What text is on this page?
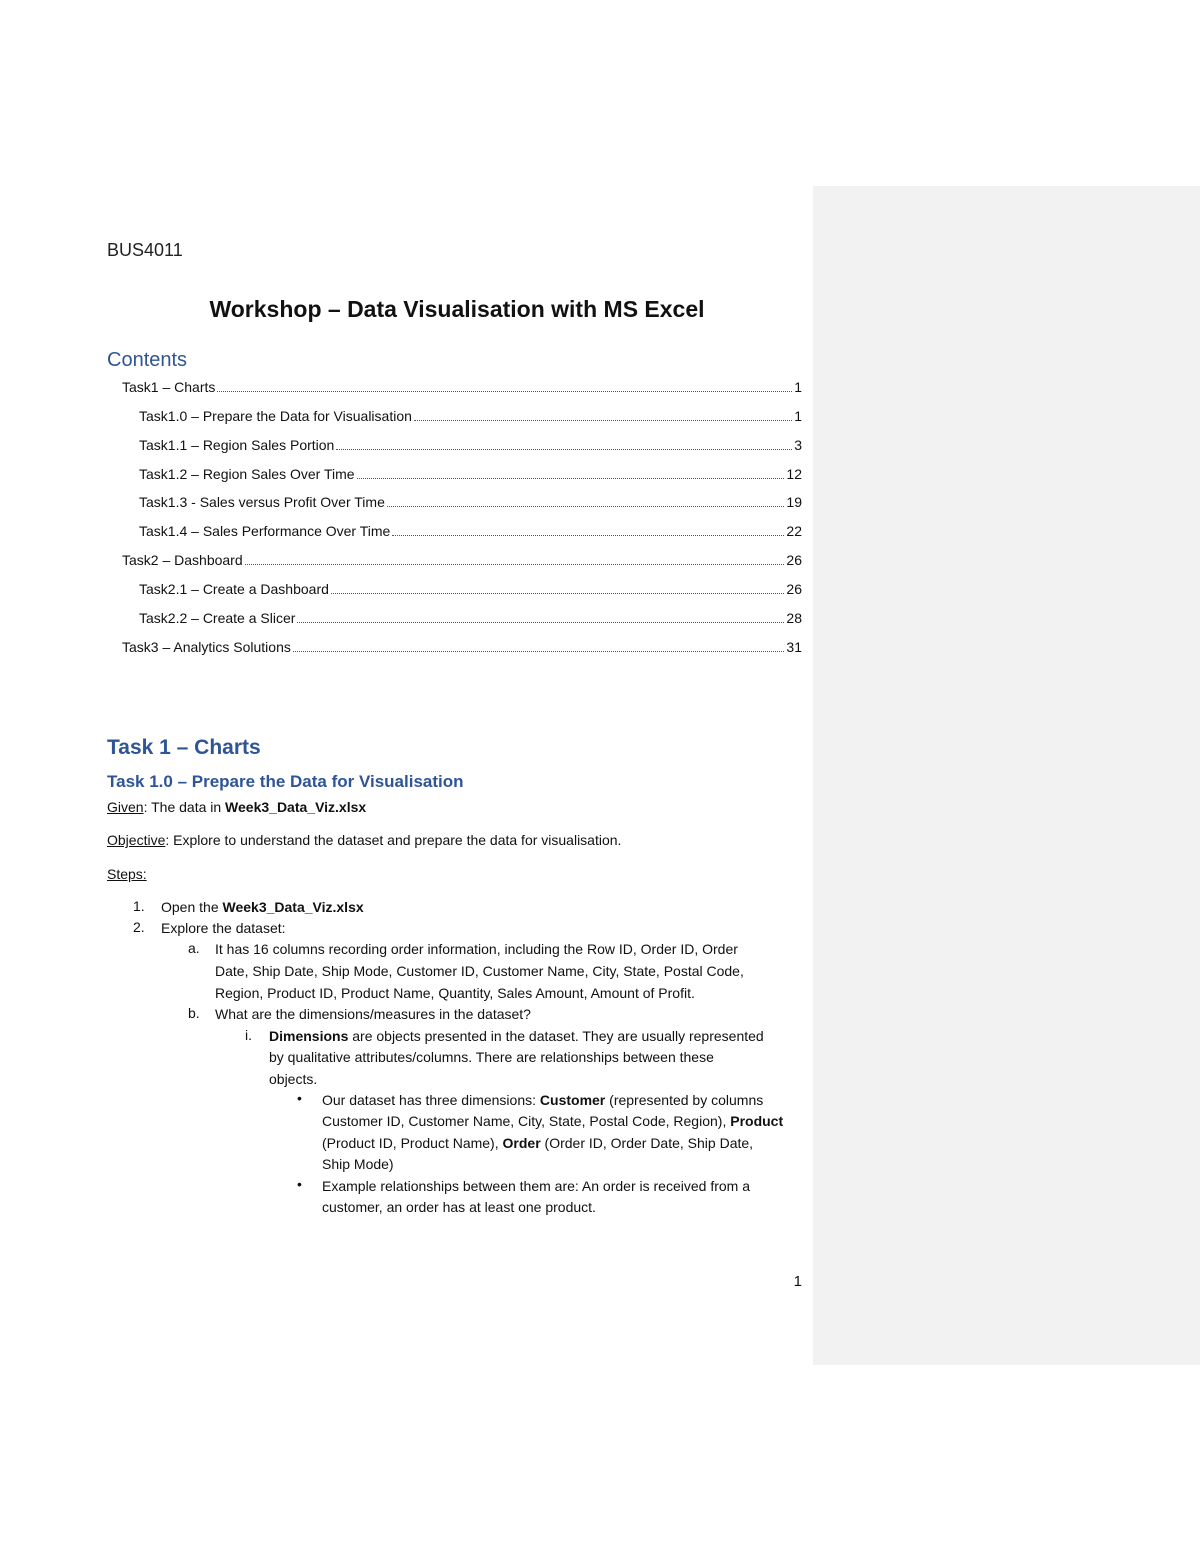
BUS4011
Workshop – Data Visualisation with MS Excel
Contents
Task1 – Charts	1
Task1.0 – Prepare the Data for Visualisation	1
Task1.1 – Region Sales Portion	3
Task1.2 – Region Sales Over Time	12
Task1.3 - Sales versus Profit Over Time	19
Task1.4 – Sales Performance Over Time	22
Task2 – Dashboard	26
Task2.1 – Create a Dashboard	26
Task2.2 – Create a Slicer	28
Task3 – Analytics Solutions	31
Task 1 – Charts
Task 1.0 – Prepare the Data for Visualisation
Given: The data in Week3_Data_Viz.xlsx
Objective: Explore to understand the dataset and prepare the data for visualisation.
Steps:
1. Open the Week3_Data_Viz.xlsx
2. Explore the dataset:
a. It has 16 columns recording order information, including the Row ID, Order ID, Order
Date, Ship Date, Ship Mode, Customer ID, Customer Name, City, State, Postal Code,
Region, Product ID, Product Name, Quantity, Sales Amount, Amount of Profit.
b. What are the dimensions/measures in the dataset?
i. Dimensions are objects presented in the dataset. They are usually represented
by qualitative attributes/columns. There are relationships between these
objects.
• Our dataset has three dimensions: Customer (represented by columns
Customer ID, Customer Name, City, State, Postal Code, Region), Product
(Product ID, Product Name), Order (Order ID, Order Date, Ship Date,
Ship Mode)
• Example relationships between them are: An order is received from a
customer, an order has at least one product.
1
